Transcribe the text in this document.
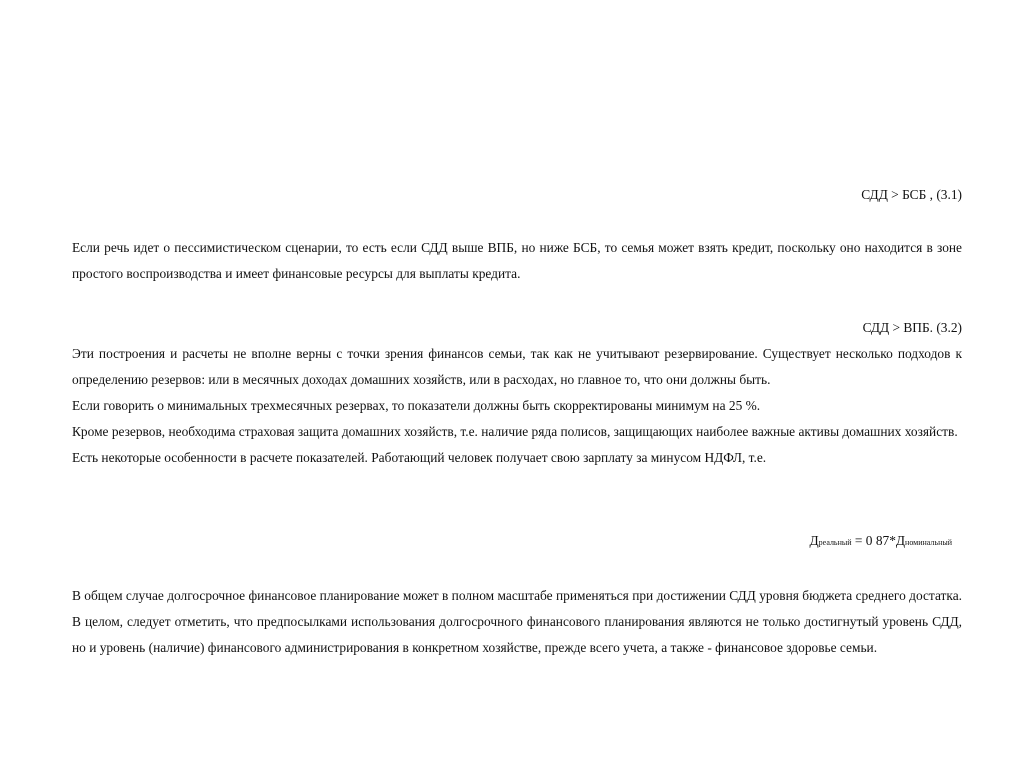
СДД > БСБ , (3.1)

Если речь идет о пессимистическом сценарии, то есть если СДД выше ВПБ, но ниже БСБ, то семья может взять кредит, поскольку оно находится в зоне простого воспроизводства и имеет финансовые ресурсы для выплаты кредита.

СДД > ВПБ. (3.2)

Эти построения и расчеты не вполне верны с точки зрения финансов семьи, так как не учитывают резервирование. Существует несколько подходов к определению резервов: или в месячных доходах домашних хозяйств, или в расходах, но главное то, что они должны быть.

Если говорить о минимальных трехмесячных резервах, то показатели должны быть скорректированы минимум на 25 %.

Кроме резервов, необходима страховая защита домашних хозяйств, т.е. наличие ряда полисов, защищающих наиболее важные активы домашних хозяйств.

Есть некоторые особенности в расчете показателей. Работающий человек получает свою зарплату за минусом НДФЛ, т.е.

Дреальный = 0 87*Дноминальный

В общем случае долгосрочное финансовое планирование может в полном масштабе применяться при достижении СДД уровня бюджета среднего достатка. В целом, следует отметить, что предпосылками использования долгосрочного финансового планирования являются не только достигнутый уровень СДД, но и уровень (наличие) финансового администрирования в конкретном хозяйстве, прежде всего учета, а также - финансовое здоровье семьи.
